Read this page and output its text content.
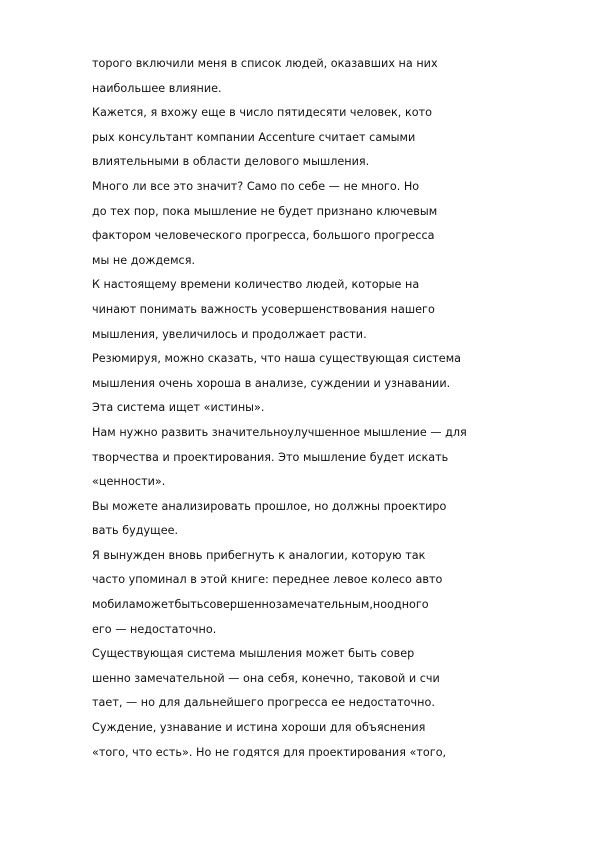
торого включили меня в список людей, оказавших на них
наибольшее влияние.
Кажется, я вхожу еще в число пятидесяти человек, кото
рых консультант компании Accenture считает самыми
влиятельными в области делового мышления.
Много ли все это значит? Само по себе — не много. Но
до тех пор, пока мышление не будет признано ключевым
фактором человеческого прогресса, большого прогресса
мы не дождемся.
К настоящему времени количество людей, которые на
чинают понимать важность усовершенствования нашего
мышления, увеличилось и продолжает расти.
Резюмируя, можно сказать, что наша существующая система
мышления очень хороша в анализе, суждении и узнавании.
Эта система ищет «истины».
Нам нужно развить значительноулучшенное мышление — для
творчества и проектирования. Это мышление будет искать
«ценности».
Вы можете анализировать прошлое, но должны проектиро
вать будущее.
Я вынужден вновь прибегнуть к аналогии, которую так
часто упоминал в этой книге: переднее левое колесо авто
мобиламожетбытьсовершеннозамечательным,ноодного
его — недостаточно.
Существующая система мышления может быть совер
шенно замечательной — она себя, конечно, таковой и счи
тает, — но для дальнейшего прогресса ее недостаточно.
Суждение, узнавание и истина хороши для объяснения
«того, что есть». Но не годятся для проектирования «того,
